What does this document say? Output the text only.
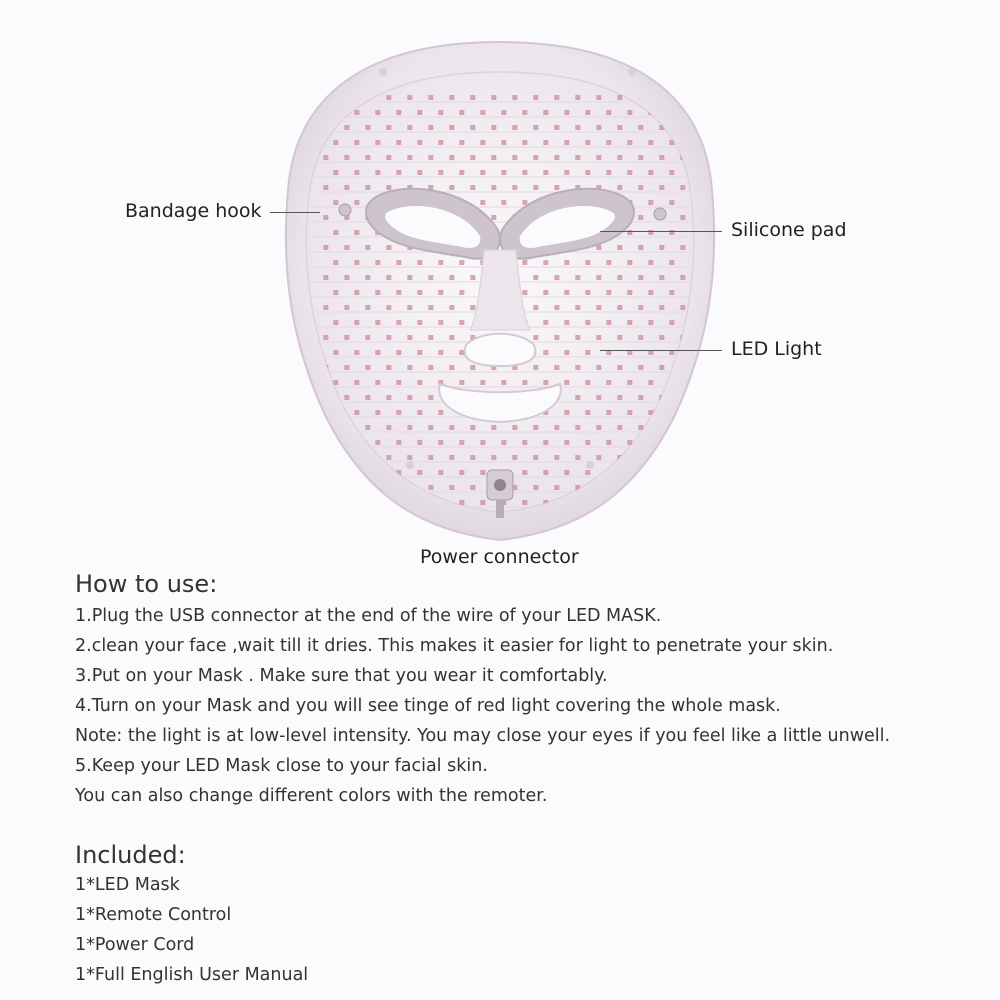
Bandage hook
Silicone pad
LED Light
Power connector
How to use:
1.Plug the USB connector at the end of the wire of your LED MASK.
2.clean your face ,wait till it dries. This makes it easier for light to penetrate your skin.
3.Put on your Mask . Make sure that you wear it comfortably.
4.Turn on your Mask and you will see tinge of red light covering the whole mask.
Note: the light is at low-level intensity. You may close your eyes if you feel like a little unwell.
5.Keep your LED Mask close to your facial skin.
You can also change different colors with the remoter.
Included:
1*LED Mask
1*Remote Control
1*Power Cord
1*Full English User Manual
